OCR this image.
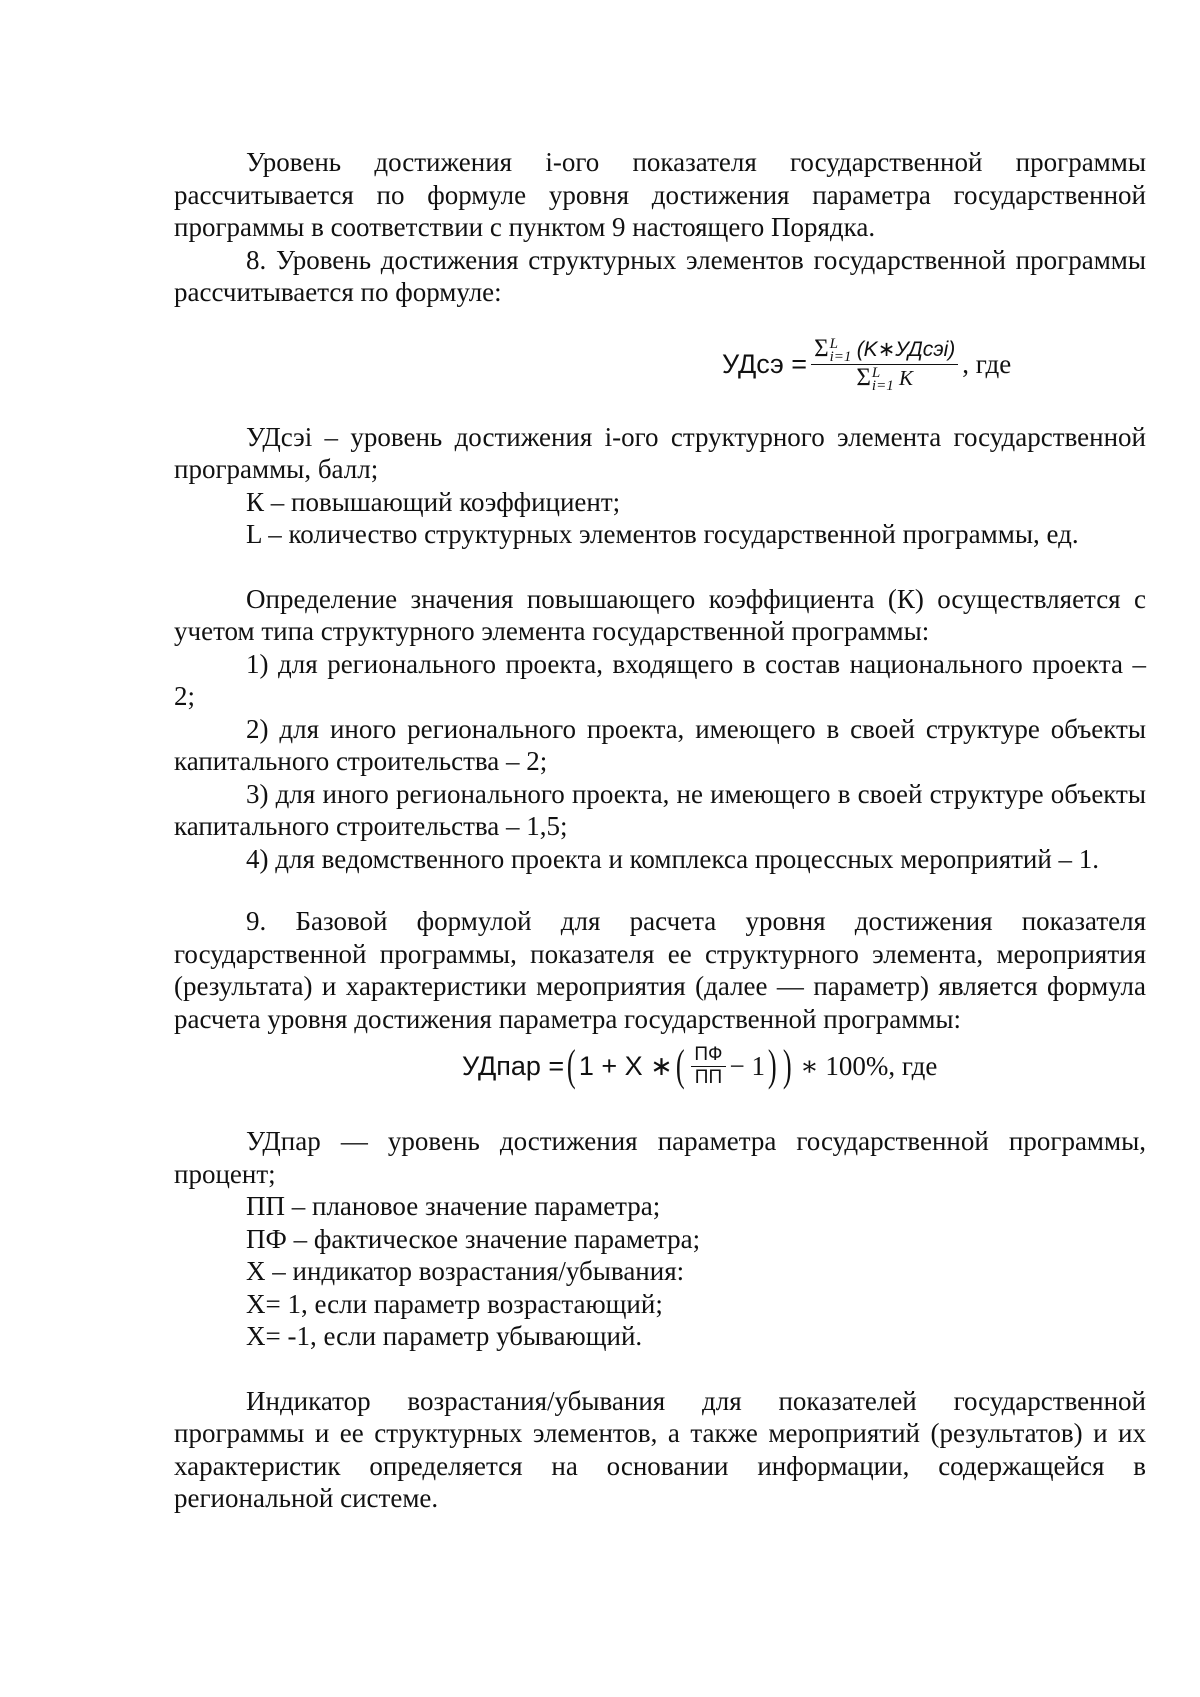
Уровень достижения i-ого показателя государственной программы рассчитывается по формуле уровня достижения параметра государственной программы в соответствии с пунктом 9 настоящего Порядка.

8. Уровень достижения структурных элементов государственной программы рассчитывается по формуле:

УДсэ = Σ L
i=1 (K∗УДсэi)
Σ L
i=1 K , где

УДсэi – уровень достижения i-ого структурного элемента государственной программы, балл;

К – повышающий коэффициент;

L – количество структурных элементов государственной программы, ед.

Определение значения повышающего коэффициента (К) осуществляется с учетом типа структурного элемента государственной программы:

1) для регионального проекта, входящего в состав национального проекта – 2;

2) для иного регионального проекта, имеющего в своей структуре объекты капитального строительства – 2;

3) для иного регионального проекта, не имеющего в своей структуре объекты капитального строительства – 1,5;

4) для ведомственного проекта и комплекса процессных мероприятий – 1.

9. Базовой формулой для расчета уровня достижения показателя государственной программы, показателя ее структурного элемента, мероприятия (результата) и характеристики мероприятия (далее — параметр) является формула расчета уровня достижения параметра государственной программы:

УДпар = ( 1 + Х ∗ ( $\frac{ПФ}{ПП} - 1$ ) ) ∗ 100%, где

УДпар — уровень достижения параметра государственной программы, процент;

ПП – плановое значение параметра;

ПФ – фактическое значение параметра;

Х – индикатор возрастания/убывания:

Х= 1, если параметр возрастающий;

Х= -1, если параметр убывающий.

Индикатор возрастания/убывания для показателей государственной программы и ее структурных элементов, а также мероприятий (результатов) и их характеристик определяется на основании информации, содержащейся в региональной системе.
